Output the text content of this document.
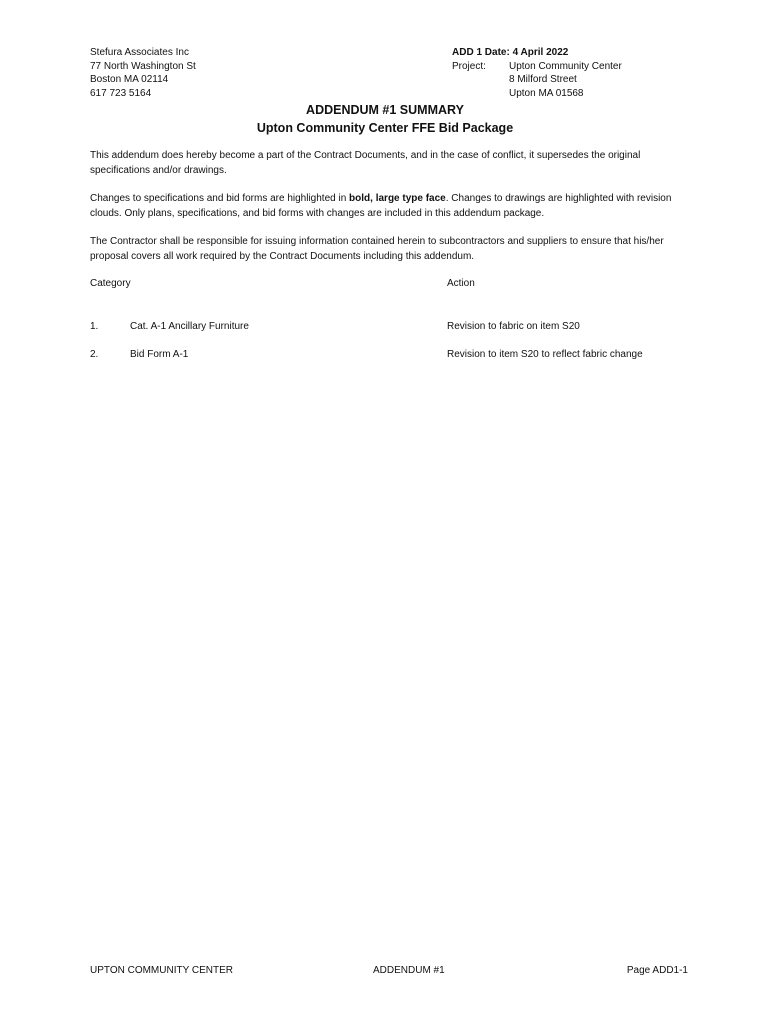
Stefura Associates Inc
77 North Washington St
Boston MA 02114
617 723 5164
ADD 1 Date: 4 April 2022
Project:	Upton Community Center
8 Milford Street
Upton MA 01568
ADDENDUM #1 SUMMARY
Upton Community Center FFE Bid Package
This addendum does hereby become a part of the Contract Documents, and in the case of conflict, it supersedes the original specifications and/or drawings.
Changes to specifications and bid forms are highlighted in bold, large type face. Changes to drawings are highlighted with revision clouds. Only plans, specifications, and bid forms with changes are included in this addendum package.
The Contractor shall be responsible for issuing information contained herein to subcontractors and suppliers to ensure that his/her proposal covers all work required by the Contract Documents including this addendum.
Category	Action
1.	Cat. A-1 Ancillary Furniture	Revision to fabric on item S20
2.	Bid Form A-1	Revision to item S20 to reflect fabric change
UPTON COMMUNITY CENTER	ADDENDUM #1	Page ADD1-1
